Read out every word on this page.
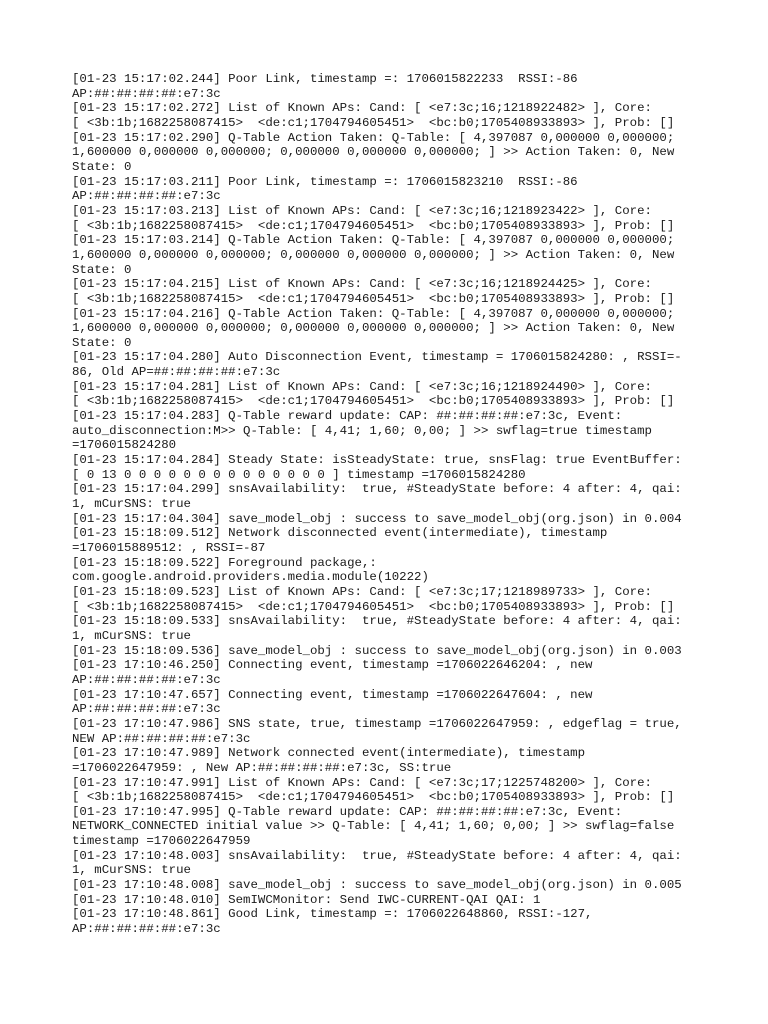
[01-23 15:17:02.244] Poor Link, timestamp =: 1706015822233  RSSI:-86
AP:##:##:##:##:e7:3c
[01-23 15:17:02.272] List of Known APs: Cand: [ <e7:3c;16;1218922482> ], Core:
[ <3b:1b;1682258087415>  <de:c1;1704794605451>  <bc:b0;1705408933893> ], Prob: []
[01-23 15:17:02.290] Q-Table Action Taken: Q-Table: [ 4,397087 0,000000 0,000000;
1,600000 0,000000 0,000000; 0,000000 0,000000 0,000000; ] >> Action Taken: 0, New
State: 0
[01-23 15:17:03.211] Poor Link, timestamp =: 1706015823210  RSSI:-86
AP:##:##:##:##:e7:3c
[01-23 15:17:03.213] List of Known APs: Cand: [ <e7:3c;16;1218923422> ], Core:
[ <3b:1b;1682258087415>  <de:c1;1704794605451>  <bc:b0;1705408933893> ], Prob: []
[01-23 15:17:03.214] Q-Table Action Taken: Q-Table: [ 4,397087 0,000000 0,000000;
1,600000 0,000000 0,000000; 0,000000 0,000000 0,000000; ] >> Action Taken: 0, New
State: 0
[01-23 15:17:04.215] List of Known APs: Cand: [ <e7:3c;16;1218924425> ], Core:
[ <3b:1b;1682258087415>  <de:c1;1704794605451>  <bc:b0;1705408933893> ], Prob: []
[01-23 15:17:04.216] Q-Table Action Taken: Q-Table: [ 4,397087 0,000000 0,000000;
1,600000 0,000000 0,000000; 0,000000 0,000000 0,000000; ] >> Action Taken: 0, New
State: 0
[01-23 15:17:04.280] Auto Disconnection Event, timestamp = 1706015824280: , RSSI=-
86, Old AP=##:##:##:##:e7:3c
[01-23 15:17:04.281] List of Known APs: Cand: [ <e7:3c;16;1218924490> ], Core:
[ <3b:1b;1682258087415>  <de:c1;1704794605451>  <bc:b0;1705408933893> ], Prob: []
[01-23 15:17:04.283] Q-Table reward update: CAP: ##:##:##:##:e7:3c, Event:
auto_disconnection:M>> Q-Table: [ 4,41; 1,60; 0,00; ] >> swflag=true timestamp
=1706015824280
[01-23 15:17:04.284] Steady State: isSteadyState: true, snsFlag: true EventBuffer:
[ 0 13 0 0 0 0 0 0 0 0 0 0 0 0 0 0 ] timestamp =1706015824280
[01-23 15:17:04.299] snsAvailability:  true, #SteadyState before: 4 after: 4, qai:
1, mCurSNS: true
[01-23 15:17:04.304] save_model_obj : success to save_model_obj(org.json) in 0.004
[01-23 15:18:09.512] Network disconnected event(intermediate), timestamp
=1706015889512: , RSSI=-87
[01-23 15:18:09.522] Foreground package,:
com.google.android.providers.media.module(10222)
[01-23 15:18:09.523] List of Known APs: Cand: [ <e7:3c;17;1218989733> ], Core:
[ <3b:1b;1682258087415>  <de:c1;1704794605451>  <bc:b0;1705408933893> ], Prob: []
[01-23 15:18:09.533] snsAvailability:  true, #SteadyState before: 4 after: 4, qai:
1, mCurSNS: true
[01-23 15:18:09.536] save_model_obj : success to save_model_obj(org.json) in 0.003
[01-23 17:10:46.250] Connecting event, timestamp =1706022646204: , new
AP:##:##:##:##:e7:3c
[01-23 17:10:47.657] Connecting event, timestamp =1706022647604: , new
AP:##:##:##:##:e7:3c
[01-23 17:10:47.986] SNS state, true, timestamp =1706022647959: , edgeflag = true,
NEW AP:##:##:##:##:e7:3c
[01-23 17:10:47.989] Network connected event(intermediate), timestamp
=1706022647959: , New AP:##:##:##:##:e7:3c, SS:true
[01-23 17:10:47.991] List of Known APs: Cand: [ <e7:3c;17;1225748200> ], Core:
[ <3b:1b;1682258087415>  <de:c1;1704794605451>  <bc:b0;1705408933893> ], Prob: []
[01-23 17:10:47.995] Q-Table reward update: CAP: ##:##:##:##:e7:3c, Event:
NETWORK_CONNECTED initial value >> Q-Table: [ 4,41; 1,60; 0,00; ] >> swflag=false
timestamp =1706022647959
[01-23 17:10:48.003] snsAvailability:  true, #SteadyState before: 4 after: 4, qai:
1, mCurSNS: true
[01-23 17:10:48.008] save_model_obj : success to save_model_obj(org.json) in 0.005
[01-23 17:10:48.010] SemIWCMonitor: Send IWC-CURRENT-QAI QAI: 1
[01-23 17:10:48.861] Good Link, timestamp =: 1706022648860, RSSI:-127,
AP:##:##:##:##:e7:3c
